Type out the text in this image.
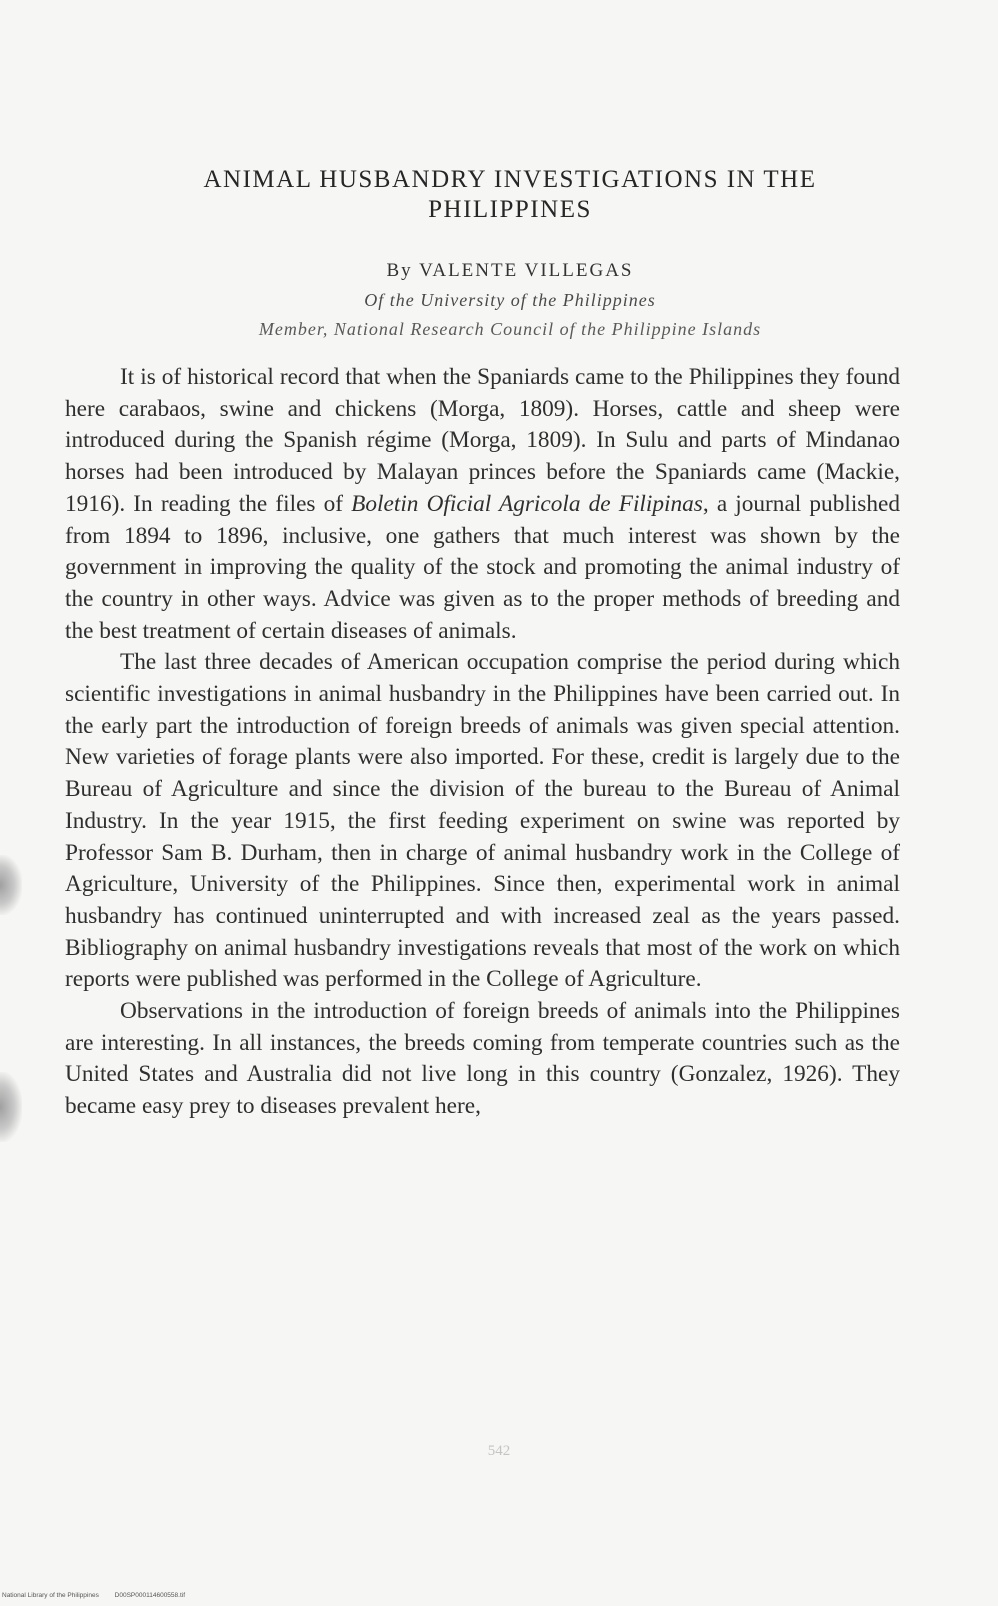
ANIMAL HUSBANDRY INVESTIGATIONS IN THE
PHILIPPINES
By VALENTE VILLEGAS
Of the University of the Philippines
Member, National Research Council of the Philippine Islands

It is of historical record that when the Spaniards came to the Philippines they found here carabaos, swine and chickens (Morga, 1809). Horses, cattle and sheep were introduced during the Spanish régime (Morga, 1809). In Sulu and parts of Mindanao horses had been introduced by Malayan princes before the Spaniards came (Mackie, 1916). In reading the files of Boletin Oficial Agricola de Filipinas, a journal published from 1894 to 1896, inclusive, one gathers that much interest was shown by the government in improving the quality of the stock and promoting the animal industry of the country in other ways. Advice was given as to the proper methods of breeding and the best treatment of certain diseases of animals.

The last three decades of American occupation comprise the period during which scientific investigations in animal husbandry in the Philippines have been carried out. In the early part the introduction of foreign breeds of animals was given special attention. New varieties of forage plants were also imported. For these, credit is largely due to the Bureau of Agriculture and since the division of the bureau to the Bureau of Animal Industry. In the year 1915, the first feeding experiment on swine was reported by Professor Sam B. Durham, then in charge of animal husbandry work in the College of Agriculture, University of the Philippines. Since then, experimental work in animal husbandry has continued uninterrupted and with increased zeal as the years passed. Bibliography on animal husbandry investigations reveals that most of the work on which reports were published was performed in the College of Agriculture.

Observations in the introduction of foreign breeds of animals into the Philippines are interesting. In all instances, the breeds coming from temperate countries such as the United States and Australia did not live long in this country (Gonzalez, 1926). They became easy prey to diseases prevalent here,

542
National Library of the Philippines D00SP000114600558.tif
